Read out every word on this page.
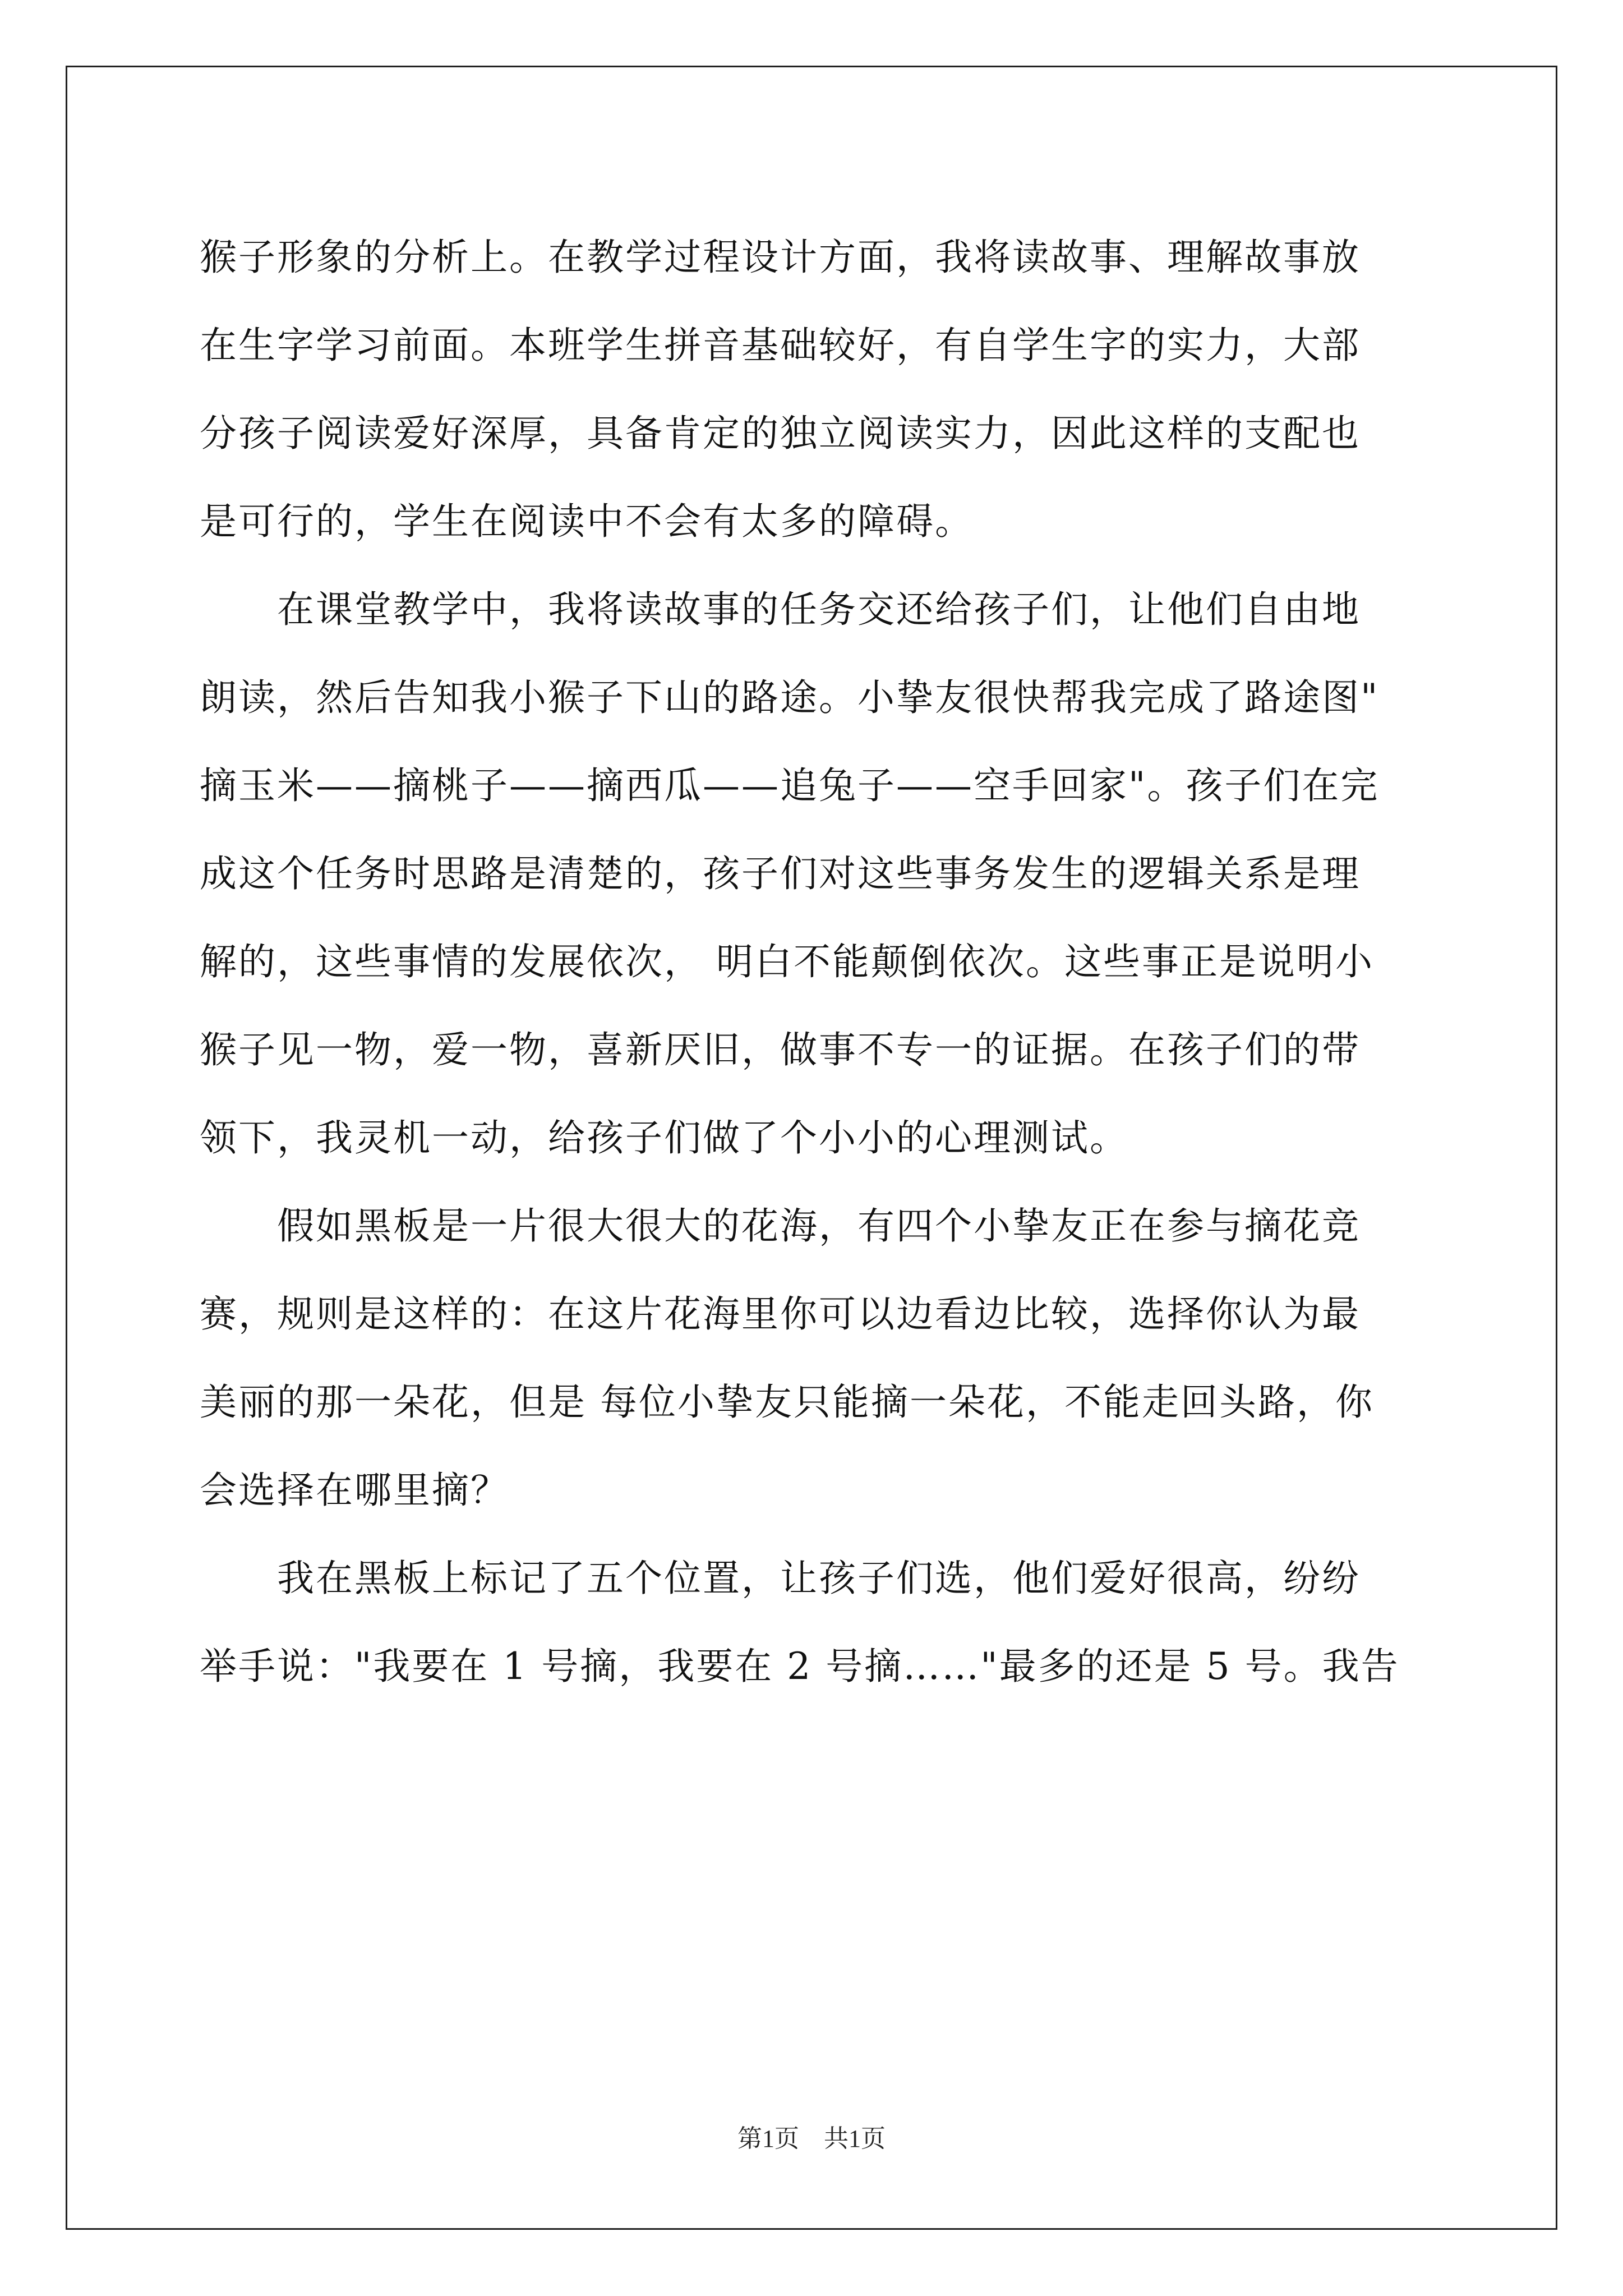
猴子形象的分析上。在教学过程设计方面，我将读故事、理解故事放
在生字学习前面。本班学生拼音基础较好，有自学生字的实力，大部
分孩子阅读爱好深厚，具备肯定的独立阅读实力，因此这样的支配也
是可行的，学生在阅读中不会有太多的障碍。
　　在课堂教学中，我将读故事的任务交还给孩子们，让他们自由地
朗读，然后告知我小猴子下山的路途。小挚友很快帮我完成了路途图"
摘玉米——摘桃子——摘西瓜——追兔子——空手回家"。孩子们在完
成这个任务时思路是清楚的，孩子们对这些事务发生的逻辑关系是理
解的，这些事情的发展依次， 明白不能颠倒依次。这些事正是说明小
猴子见一物，爱一物，喜新厌旧，做事不专一的证据。在孩子们的带
领下，我灵机一动，给孩子们做了个小小的心理测试。
　　假如黑板是一片很大很大的花海，有四个小挚友正在参与摘花竞
赛，规则是这样的：在这片花海里你可以边看边比较，选择你认为最
美丽的那一朵花，但是 每位小挚友只能摘一朵花，不能走回头路，你
会选择在哪里摘？
　　我在黑板上标记了五个位置，让孩子们选，他们爱好很高，纷纷
举手说："我要在 1 号摘，我要在 2 号摘……"最多的还是 5 号。我告
第1页　共1页
